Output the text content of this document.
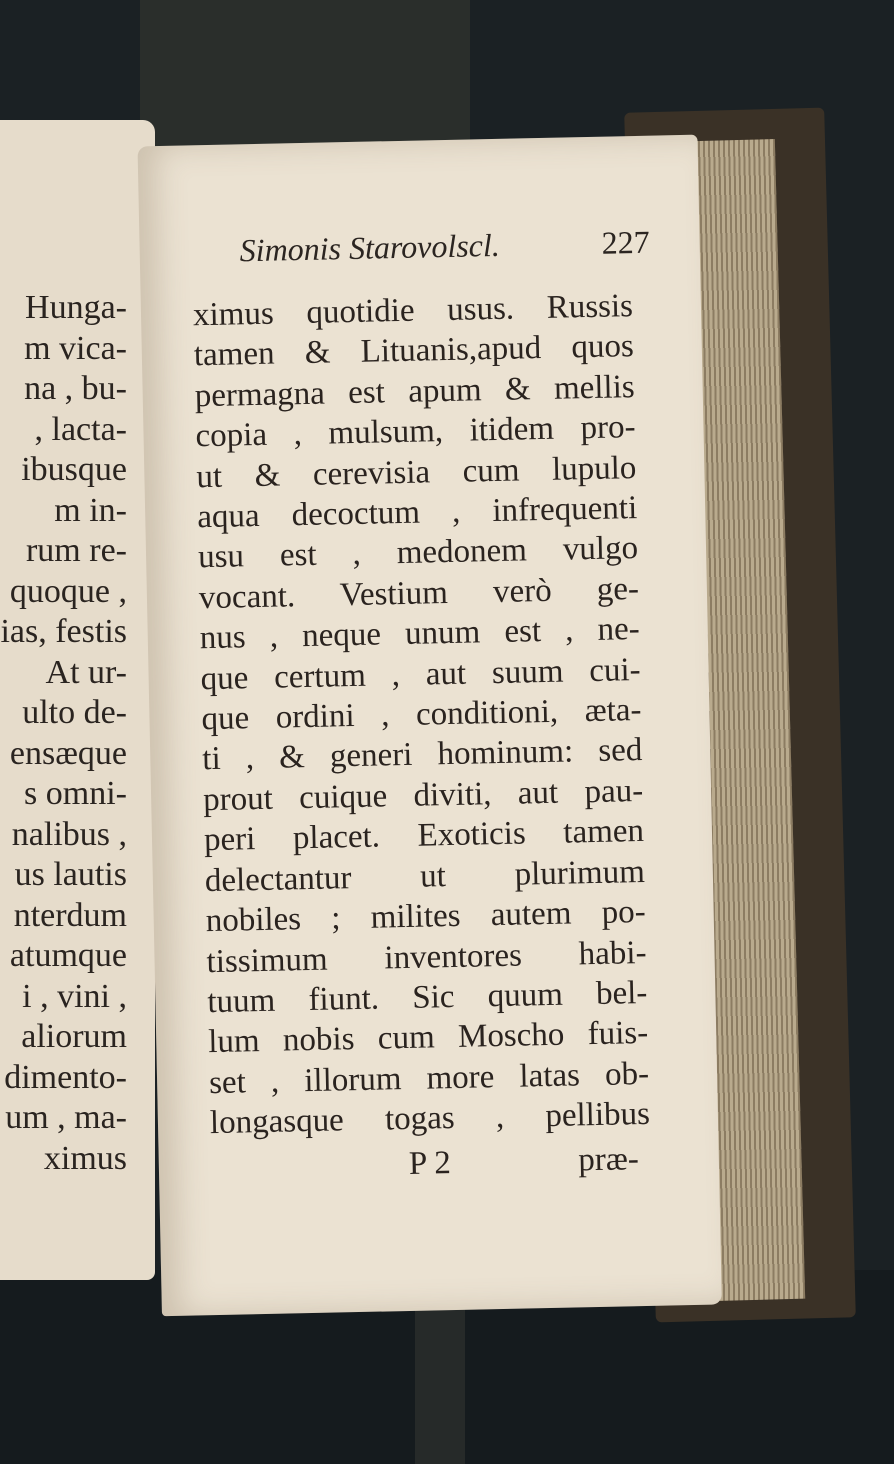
Hunga-
m vica-
na , bu-
, lacta-
ibusque
m in-
rum re-
quoque ,
ias, festis
At ur-
ulto de-
ensæque
s omni-
nalibus ,
us lautis
nterdum
atumque
i , vini ,
aliorum
dimento-
um , ma-
ximus
Simonis Starovolscl.	227
ximus quotidie usus. Russis
tamen & Lituanis,apud quos
permagna est apum & mellis
copia , mulsum, itidem pro-
ut & cerevisia cum lupulo
aqua decoctum , infrequenti
usu est , medonem vulgo
vocant. Vestium verò ge-
nus , neque unum est , ne-
que certum , aut suum cui-
que ordini , conditioni, æta-
ti , & generi hominum: sed
prout cuique diviti, aut pau-
peri placet. Exoticis tamen
delectantur ut plurimum
nobiles ; milites autem po-
tissimum inventores habi-
tuum fiunt. Sic quum bel-
lum nobis cum Moscho fuis-
set , illorum more latas ob-
longasque togas , pellibus
P 2	præ-
